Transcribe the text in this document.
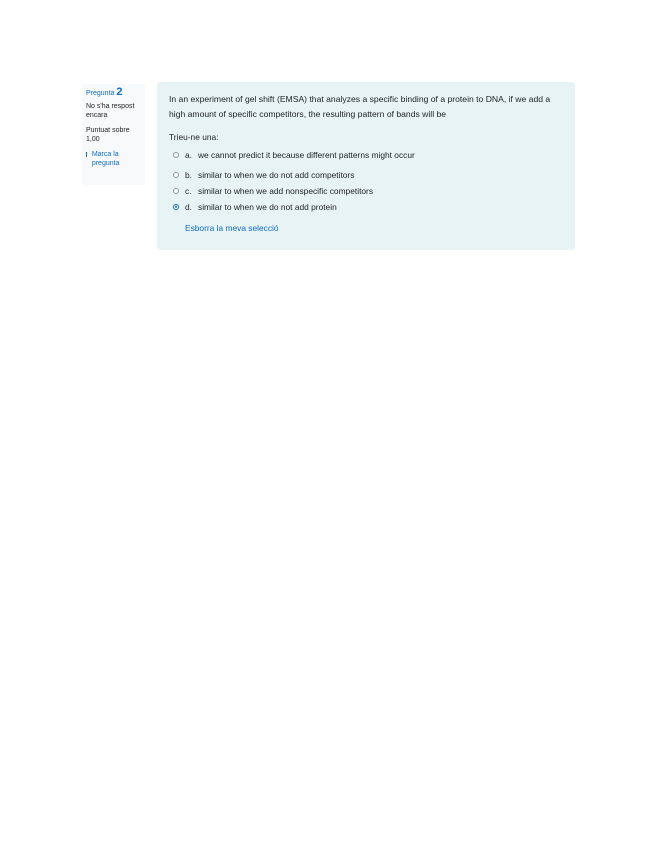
Pregunta 2
No s'ha respost encara
Puntuat sobre 1,00
Marca la pregunta

In an experiment of gel shift (EMSA) that analyzes a specific binding of a protein to DNA, if we add a high amount of specific competitors, the resulting pattern of bands will be

Trieu-ne una:
a. we cannot predict it because different patterns might occur
b. similar to when we do not add competitors
c. similar to when we add nonspecific competitors
d. similar to when we do not add protein
Esborra la meva selecció
